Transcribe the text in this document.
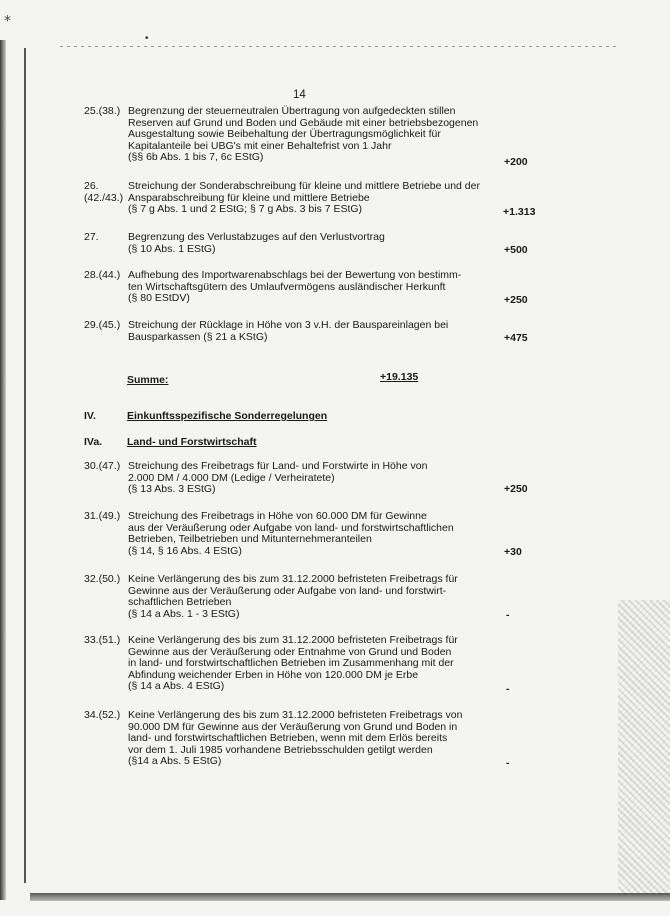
⁎
•
14
25.(38.) Begrenzung der steuerneutralen Übertragung von aufgedeckten stillen
Reserven auf Grund und Boden und Gebäude mit einer betriebsbezogenen
Ausgestaltung sowie Beibehaltung der Übertragungsmöglichkeit für
Kapitalanteile bei UBG's mit einer Behaltefrist von 1 Jahr
(§§ 6b Abs. 1 bis 7, 6c EStG)	+200
26.
(42./43.)
Streichung der Sonderabschreibung für kleine und mittlere Betriebe und der
Ansparabschreibung für kleine und mittlere Betriebe
(§ 7 g Abs. 1 und 2 EStG; § 7 g Abs. 3 bis 7 EStG)	+1.313
27.	Begrenzung des Verlustabzuges auf den Verlustvortrag
(§ 10 Abs. 1 EStG)	+500
28.(44.) Aufhebung des Importwarenabschlags bei der Bewertung von bestimm-
ten Wirtschaftsgütern des Umlaufvermögens ausländischer Herkunft
(§ 80 EStDV)	+250
29.(45.) Streichung der Rücklage in Höhe von 3 v.H. der Bauspareinlagen bei
Bausparkassen (§ 21 a KStG)	+475
Summe:	+19.135
IV.	Einkunftsspezifische Sonderregelungen
IVa. Land- und Forstwirtschaft
30.(47.) Streichung des Freibetrags für Land- und Forstwirte in Höhe von
2.000 DM / 4.000 DM (Ledige / Verheiratete)
(§ 13 Abs. 3 EStG)	+250
31.(49.) Streichung des Freibetrags in Höhe von 60.000 DM für Gewinne
aus der Veräußerung oder Aufgabe von land- und forstwirtschaftlichen
Betrieben, Teilbetrieben und Mitunternehmeranteilen
(§ 14, § 16 Abs. 4 EStG)	+30
32.(50.) Keine Verlängerung des bis zum 31.12.2000 befristeten Freibetrags für
Gewinne aus der Veräußerung oder Aufgabe von land- und forstwirt-
schaftlichen Betrieben
(§ 14 a Abs. 1 - 3 EStG)	-
33.(51.) Keine Verlängerung des bis zum 31.12.2000 befristeten Freibetrags für
Gewinne aus der Veräußerung oder Entnahme von Grund und Boden
in land- und forstwirtschaftlichen Betrieben im Zusammenhang mit der
Abfindung weichender Erben in Höhe von 120.000 DM je Erbe
(§ 14 a Abs. 4 EStG)	-
34.(52.) Keine Verlängerung des bis zum 31.12.2000 befristeten Freibetrags von
90.000 DM für Gewinne aus der Veräußerung von Grund und Boden in
land- und forstwirtschaftlichen Betrieben, wenn mit dem Erlös bereits
vor dem 1. Juli 1985 vorhandene Betriebsschulden getilgt werden
(§14 a Abs. 5 EStG)	-
